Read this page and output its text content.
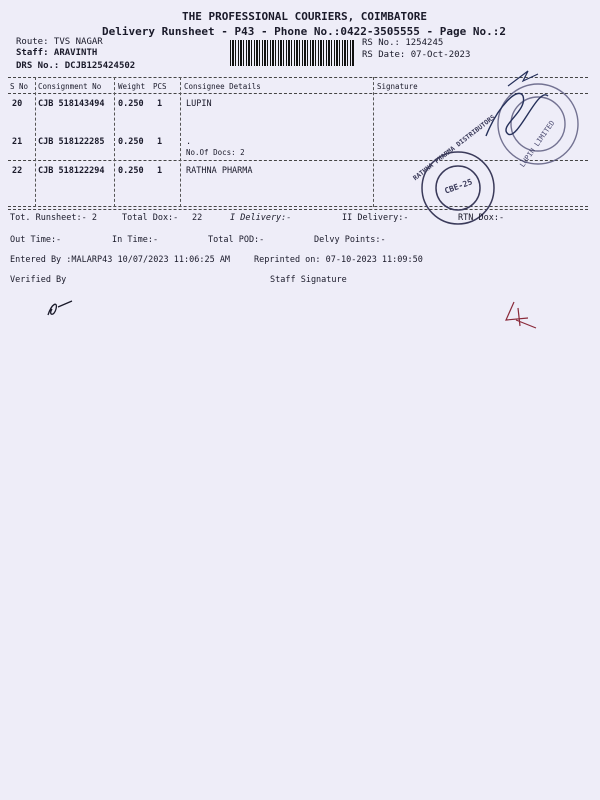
THE PROFESSIONAL COURIERS, COIMBATORE
Delivery Runsheet - P43 - Phone No.:0422-3505555 - Page No.:2
Route: TVS NAGAR
Staff: ARAVINTH
DRS No.: DCJB125424502
RS No.: 1254245
RS Date: 07-Oct-2023
S No Consignment No Weight PCS Consignee Details	Signature
20 CJB 518143494 0.250 1	LUPIN
21 CJB 518122285 0.250 1	.
No.Of Docs: 2
22 CJB 518122294 0.250 1	RATHNA PHARMA
LUPIN LIMITED
RATHNA PHARMA DISTRIBUTORS
CBE-25
Tot. Runsheet:- 2	Total Dox:- 22	I Delivery:-	II Delivery:-	RTN Dox:-
Out Time:-	In Time:-	Total POD:-	Delvy Points:-
Entered By :MALARP43 10/07/2023 11:06:25 AM	Reprinted on: 07-10-2023 11:09:50
Verified By	Staff Signature
